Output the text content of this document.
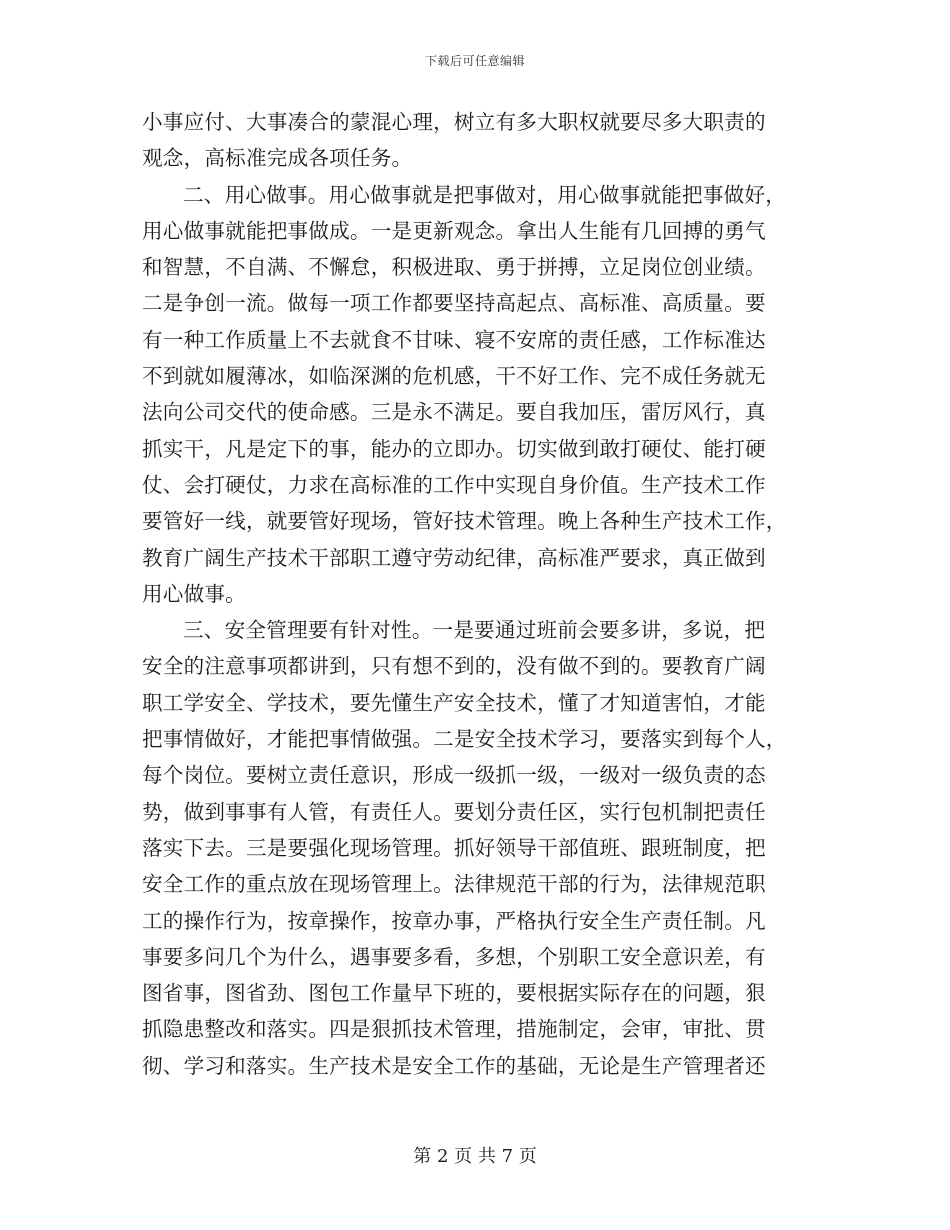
下载后可任意编辑
小事应付、大事凑合的蒙混心理，树立有多大职权就要尽多大职责的
观念，高标准完成各项任务。
二、用心做事。用心做事就是把事做对，用心做事就能把事做好，
用心做事就能把事做成。一是更新观念。拿出人生能有几回搏的勇气
和智慧，不自满、不懈怠，积极进取、勇于拼搏，立足岗位创业绩。
二是争创一流。做每一项工作都要坚持高起点、高标准、高质量。要
有一种工作质量上不去就食不甘味、寝不安席的责任感，工作标准达
不到就如履薄冰，如临深渊的危机感，干不好工作、完不成任务就无
法向公司交代的使命感。三是永不满足。要自我加压，雷厉风行，真
抓实干，凡是定下的事，能办的立即办。切实做到敢打硬仗、能打硬
仗、会打硬仗，力求在高标准的工作中实现自身价值。生产技术工作
要管好一线，就要管好现场，管好技术管理。晚上各种生产技术工作，
教育广阔生产技术干部职工遵守劳动纪律，高标准严要求，真正做到
用心做事。
三、安全管理要有针对性。一是要通过班前会要多讲，多说，把
安全的注意事项都讲到，只有想不到的，没有做不到的。要教育广阔
职工学安全、学技术，要先懂生产安全技术，懂了才知道害怕，才能
把事情做好，才能把事情做强。二是安全技术学习，要落实到每个人，
每个岗位。要树立责任意识，形成一级抓一级，一级对一级负责的态
势，做到事事有人管，有责任人。要划分责任区，实行包机制把责任
落实下去。三是要强化现场管理。抓好领导干部值班、跟班制度，把
安全工作的重点放在现场管理上。法律规范干部的行为，法律规范职
工的操作行为，按章操作，按章办事，严格执行安全生产责任制。凡
事要多问几个为什么，遇事要多看，多想，个别职工安全意识差，有
图省事，图省劲、图包工作量早下班的，要根据实际存在的问题，狠
抓隐患整改和落实。四是狠抓技术管理，措施制定，会审，审批、贯
彻、学习和落实。生产技术是安全工作的基础，无论是生产管理者还
第 2 页 共 7 页
